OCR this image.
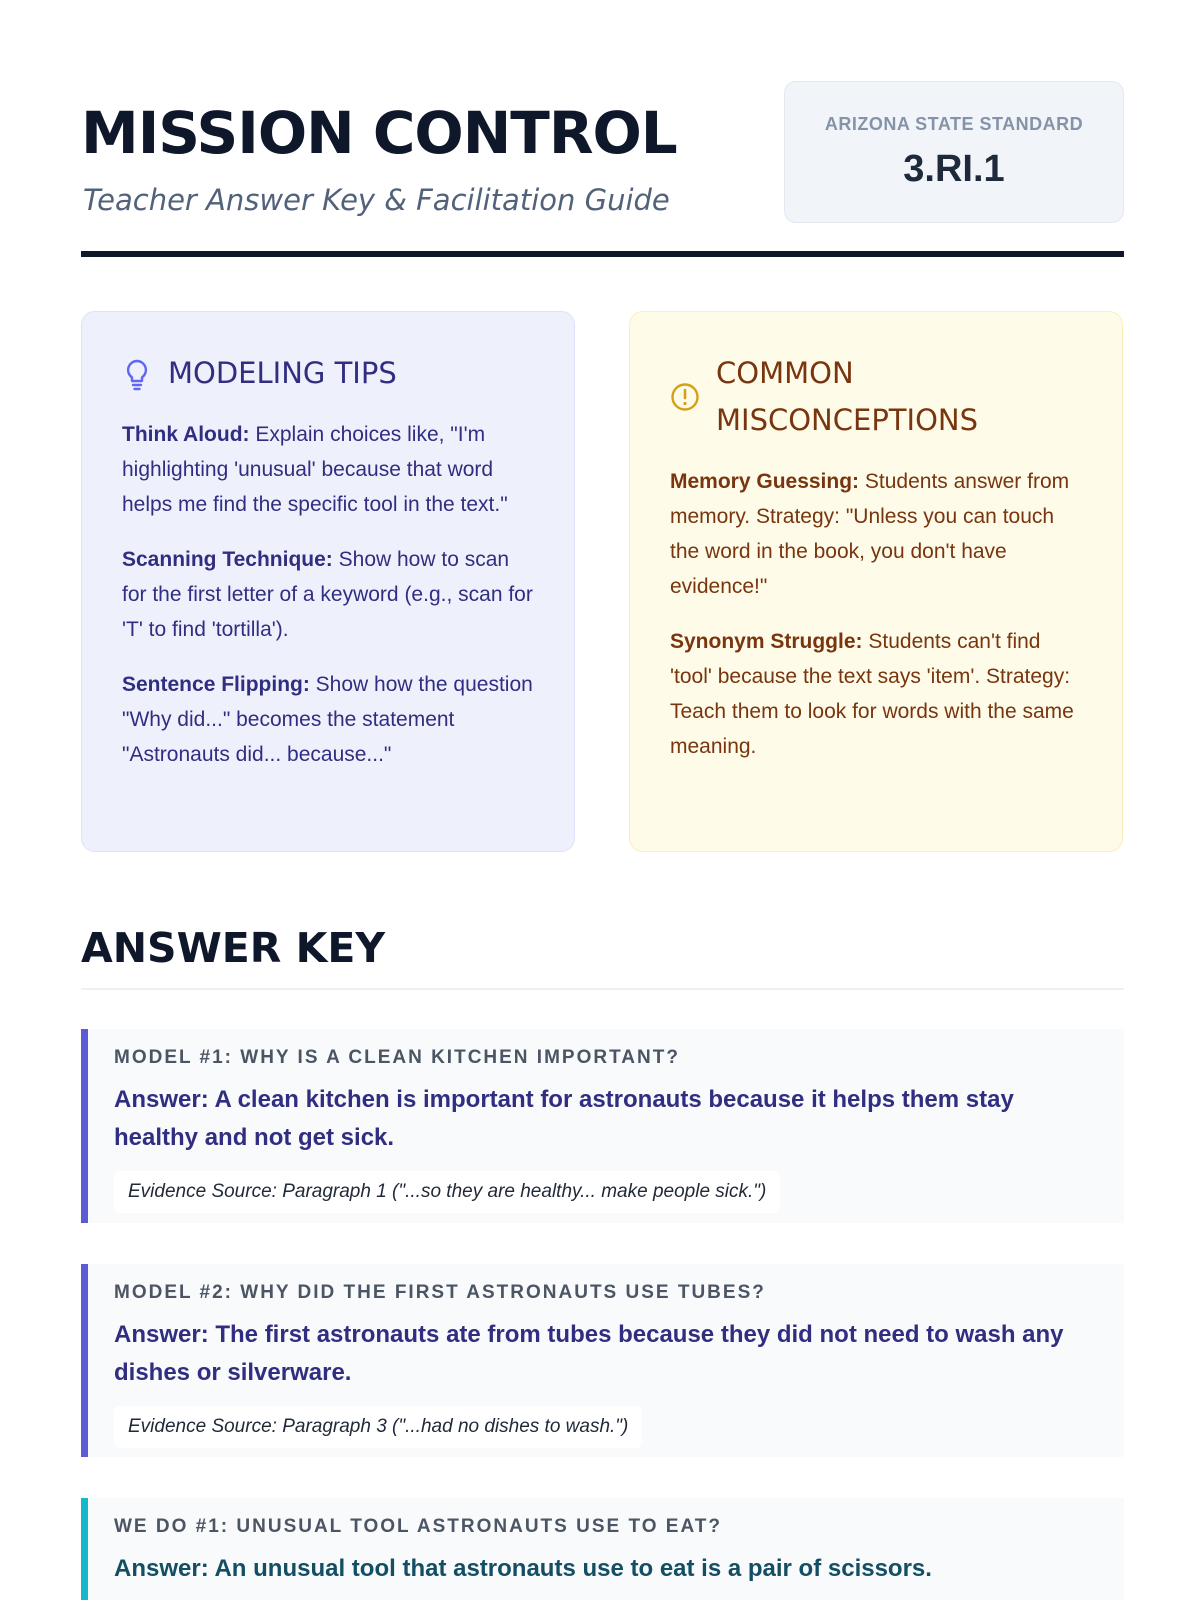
MISSION CONTROL
Teacher Answer Key & Facilitation Guide
ARIZONA STATE STANDARD
3.RI.1
MODELING TIPS

Think Aloud: Explain choices like, "I'm highlighting 'unusual' because that word helps me find the specific tool in the text."

Scanning Technique: Show how to scan for the first letter of a keyword (e.g., scan for 'T' to find 'tortilla').

Sentence Flipping: Show how the question "Why did..." becomes the statement "Astronauts did... because..."

COMMON MISCONCEPTIONS

Memory Guessing: Students answer from memory. Strategy: "Unless you can touch the word in the book, you don't have evidence!"

Synonym Struggle: Students can't find 'tool' because the text says 'item'. Strategy: Teach them to look for words with the same meaning.

ANSWER KEY
MODEL #1: WHY IS A CLEAN KITCHEN IMPORTANT?
Answer: A clean kitchen is important for astronauts because it helps them stay healthy and not get sick.
Evidence Source: Paragraph 1 ("...so they are healthy... make people sick.")
MODEL #2: WHY DID THE FIRST ASTRONAUTS USE TUBES?
Answer: The first astronauts ate from tubes because they did not need to wash any dishes or silverware.
Evidence Source: Paragraph 3 ("...had no dishes to wash.")
WE DO #1: UNUSUAL TOOL ASTRONAUTS USE TO EAT?
Answer: An unusual tool that astronauts use to eat is a pair of scissors.
